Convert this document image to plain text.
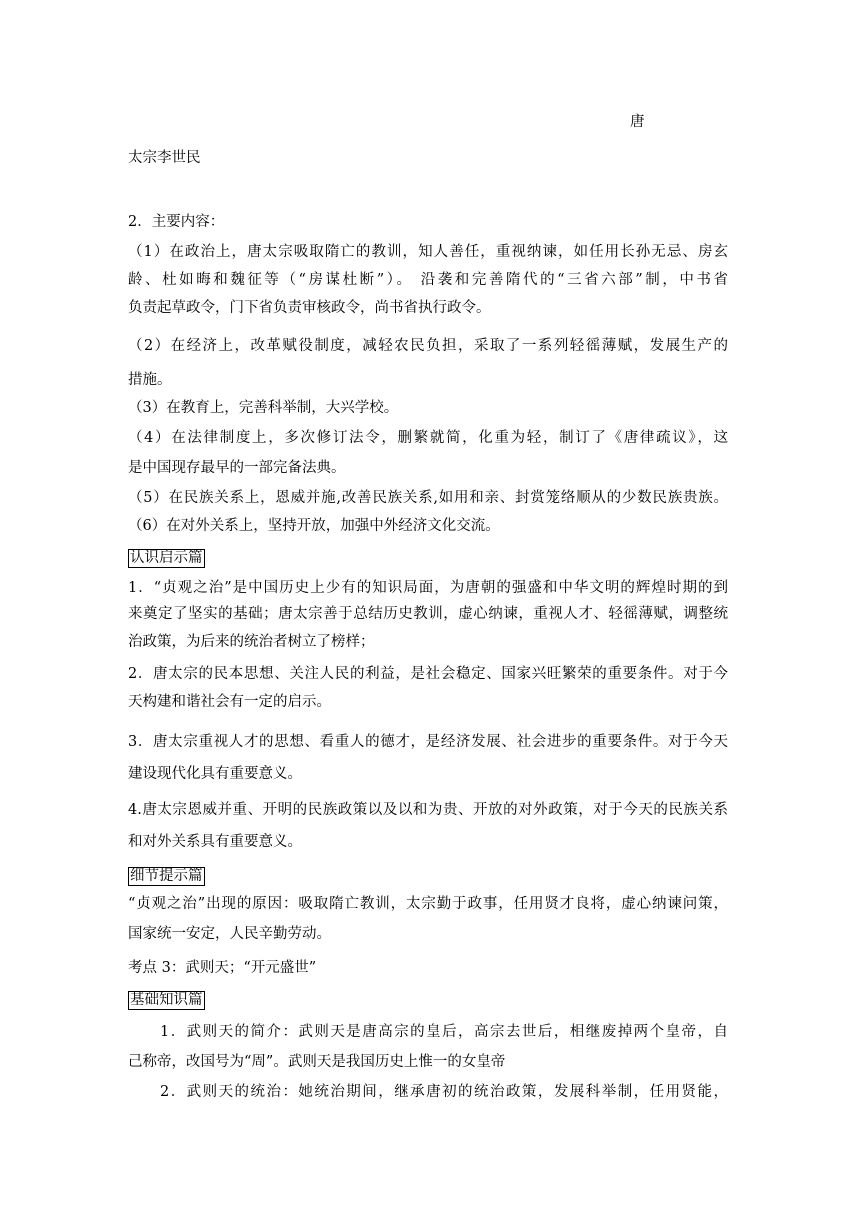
唐
太宗李世民
2．主要内容：
（1）在政治上，唐太宗吸取隋亡的教训，知人善任，重视纳谏，如任用长孙无忌、房玄
龄、杜如晦和魏征等（“房谋杜断”）。 沿袭和完善隋代的“三省六部”制，中书省
负责起草政令，门下省负责审核政令，尚书省执行政令。
（2）在经济上，改革赋役制度，减轻农民负担，采取了一系列轻徭薄赋，发展生产的
措施。
（3）在教育上，完善科举制，大兴学校。
（4）在法律制度上，多次修订法令，删繁就简，化重为轻，制订了《唐律疏议》，这
是中国现存最早的一部完备法典。
（5）在民族关系上，恩威并施,改善民族关系,如用和亲、封赏笼络顺从的少数民族贵族。
（6）在对外关系上，坚持开放，加强中外经济文化交流。
认识启示篇
1．“贞观之治”是中国历史上少有的知识局面，为唐朝的强盛和中华文明的辉煌时期的到
来奠定了坚实的基础；唐太宗善于总结历史教训，虚心纳谏，重视人才、轻徭薄赋，调整统
治政策，为后来的统治者树立了榜样；
2．唐太宗的民本思想、关注人民的利益，是社会稳定、国家兴旺繁荣的重要条件。对于今
天构建和谐社会有一定的启示。
3．唐太宗重视人才的思想、看重人的德才，是经济发展、社会进步的重要条件。对于今天
建设现代化具有重要意义。
4.唐太宗恩威并重、开明的民族政策以及以和为贵、开放的对外政策，对于今天的民族关系
和对外关系具有重要意义。
细节提示篇
“贞观之治”出现的原因：吸取隋亡教训，太宗勤于政事，任用贤才良将，虚心纳谏问策，
国家统一安定，人民辛勤劳动。
考点 3：武则天；“开元盛世”
基础知识篇
1．武则天的简介：武则天是唐高宗的皇后，高宗去世后，相继废掉两个皇帝，自
己称帝，改国号为“周”。武则天是我国历史上惟一的女皇帝
2．武则天的统治：她统治期间，继承唐初的统治政策，发展科举制，任用贤能，
